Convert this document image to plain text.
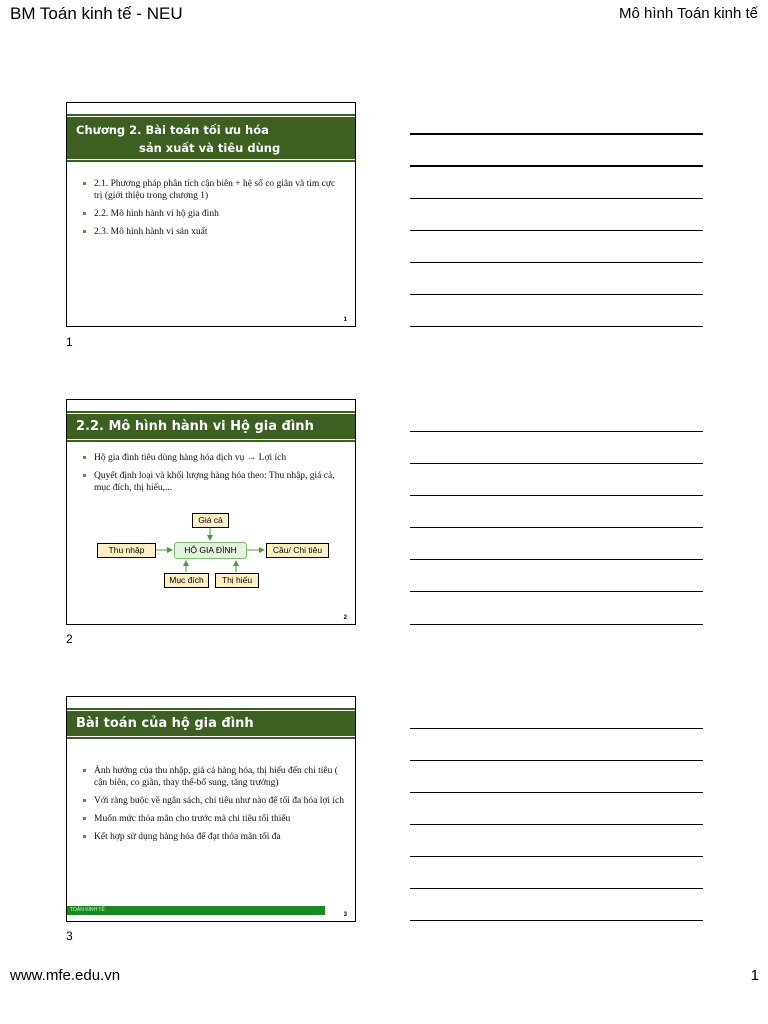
BM Toán kinh tế - NEU	Mô hình Toán kinh tế
www.mfe.edu.vn	1
Chương 2. Bài toán tối ưu hóa
sản xuất và tiêu dùng
2.1. Phương pháp phân tích cận biên + hệ số co giãn và tìm cực trị (giới thiệu trong chương 1)
2.2. Mô hình hành vi hộ gia đình
2.3. Mô hình hành vi sản xuất
1
1
2.2. Mô hình hành vi Hộ gia đình
Hộ gia đình tiêu dùng hàng hóa dịch vụ → Lợi ích
Quyết định loại và khối lượng hàng hóa theo: Thu nhập, giá cả, mục đích, thị hiếu,...
Giá cả
Thu nhập	HỘ GIA ĐÌNH	Cầu/ Chi tiêu
Mục đích	Thị hiếu
2
2
Bài toán của hộ gia đình
Ảnh hưởng của thu nhập, giá cả hàng hóa, thị hiếu đến chi tiêu ( cận biên, co giãn, thay thế-bổ sung, tăng trưởng)
Với ràng buộc về ngân sách, chi tiêu như nào để tối đa hóa lợi ích
Muốn mức thỏa mãn cho trước mà chi tiêu tối thiểu
Kết hợp sử dụng hàng hóa để đạt thỏa mãn tối đa
TOÁN KINH TẾ
3
3
